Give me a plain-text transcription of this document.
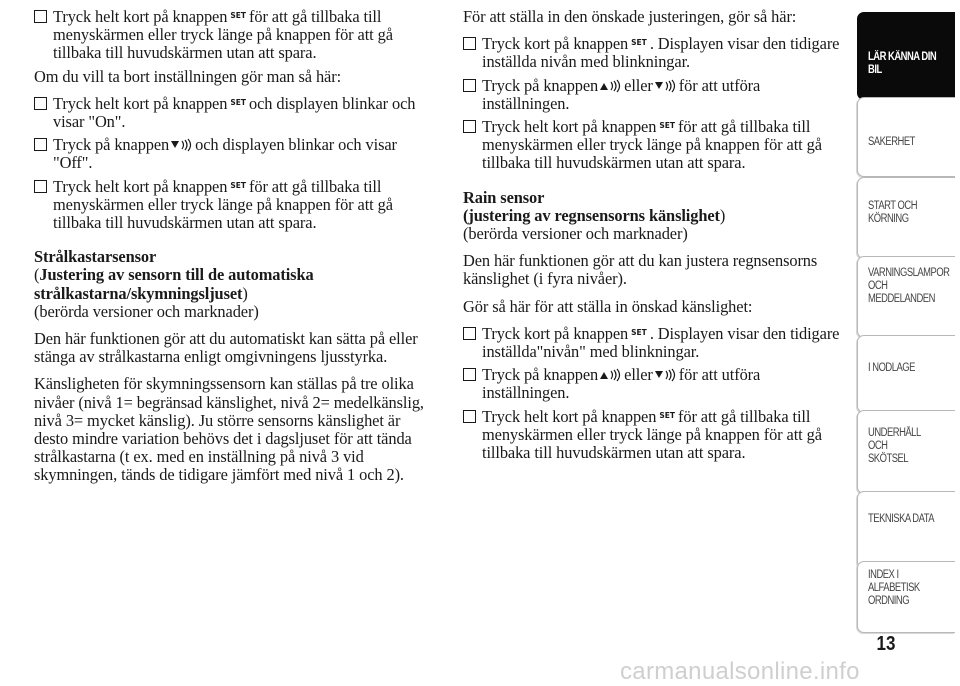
Tryck helt kort på knappen SET för att gå tillbaka till menyskärmen eller tryck länge på knappen för att gå tillbaka till huvudskärmen utan att spara.

Om du vill ta bort inställningen gör man så här:

Tryck helt kort på knappen SET och displayen blinkar och visar "On".

Tryck på knappen och displayen blinkar och visar "Off".

Tryck helt kort på knappen SET för att gå tillbaka till menyskärmen eller tryck länge på knappen för att gå tillbaka till huvudskärmen utan att spara.

Strålkastarsensor
(Justering av sensorn till de automatiska strålkastarna/skymningsljuset)

(berörda versioner och marknader)

Den här funktionen gör att du automatiskt kan sätta på eller stänga av strålkastarna enligt omgivningens ljusstyrka.

Känsligheten för skymningssensorn kan ställas på tre olika nivåer (nivå 1= begränsad känslighet, nivå 2= medelkänslig, nivå 3= mycket känslig). Ju större sensorns känslighet är desto mindre variation behövs det i dagsljuset för att tända strålkastarna (t ex. med en inställning på nivå 3 vid skymningen, tänds de tidigare jämfört med nivå 1 och 2).

För att ställa in den önskade justeringen, gör så här:

Tryck kort på knappen SET . Displayen visar den tidigare inställda nivån med blinkningar.

Tryck på knappen eller för att utföra inställningen.

Tryck helt kort på knappen SET för att gå tillbaka till menyskärmen eller tryck länge på knappen för att gå tillbaka till huvudskärmen utan att spara.

Rain sensor
(justering av regnsensorns känslighet)

(berörda versioner och marknader)

Den här funktionen gör att du kan justera regnsensorns känslighet (i fyra nivåer).

Gör så här för att ställa in önskad känslighet:

Tryck kort på knappen SET . Displayen visar den tidigare inställda"nivån" med blinkningar.

Tryck på knappen eller för att utföra inställningen.

Tryck helt kort på knappen SET för att gå tillbaka till menyskärmen eller tryck länge på knappen för att gå tillbaka till huvudskärmen utan att spara.

LÄR KÄNNA DIN
BIL
SÄKERHET
START OCH
KÖRNING
VARNINGSLAMPOR
OCH
MEDDELANDEN
I NÖDLÄGE
UNDERHÅLL OCH
SKÖTSEL
TEKNISKA DATA
INDEX I
ALFABETISK
ORDNING
13
carmanualsonline.info
